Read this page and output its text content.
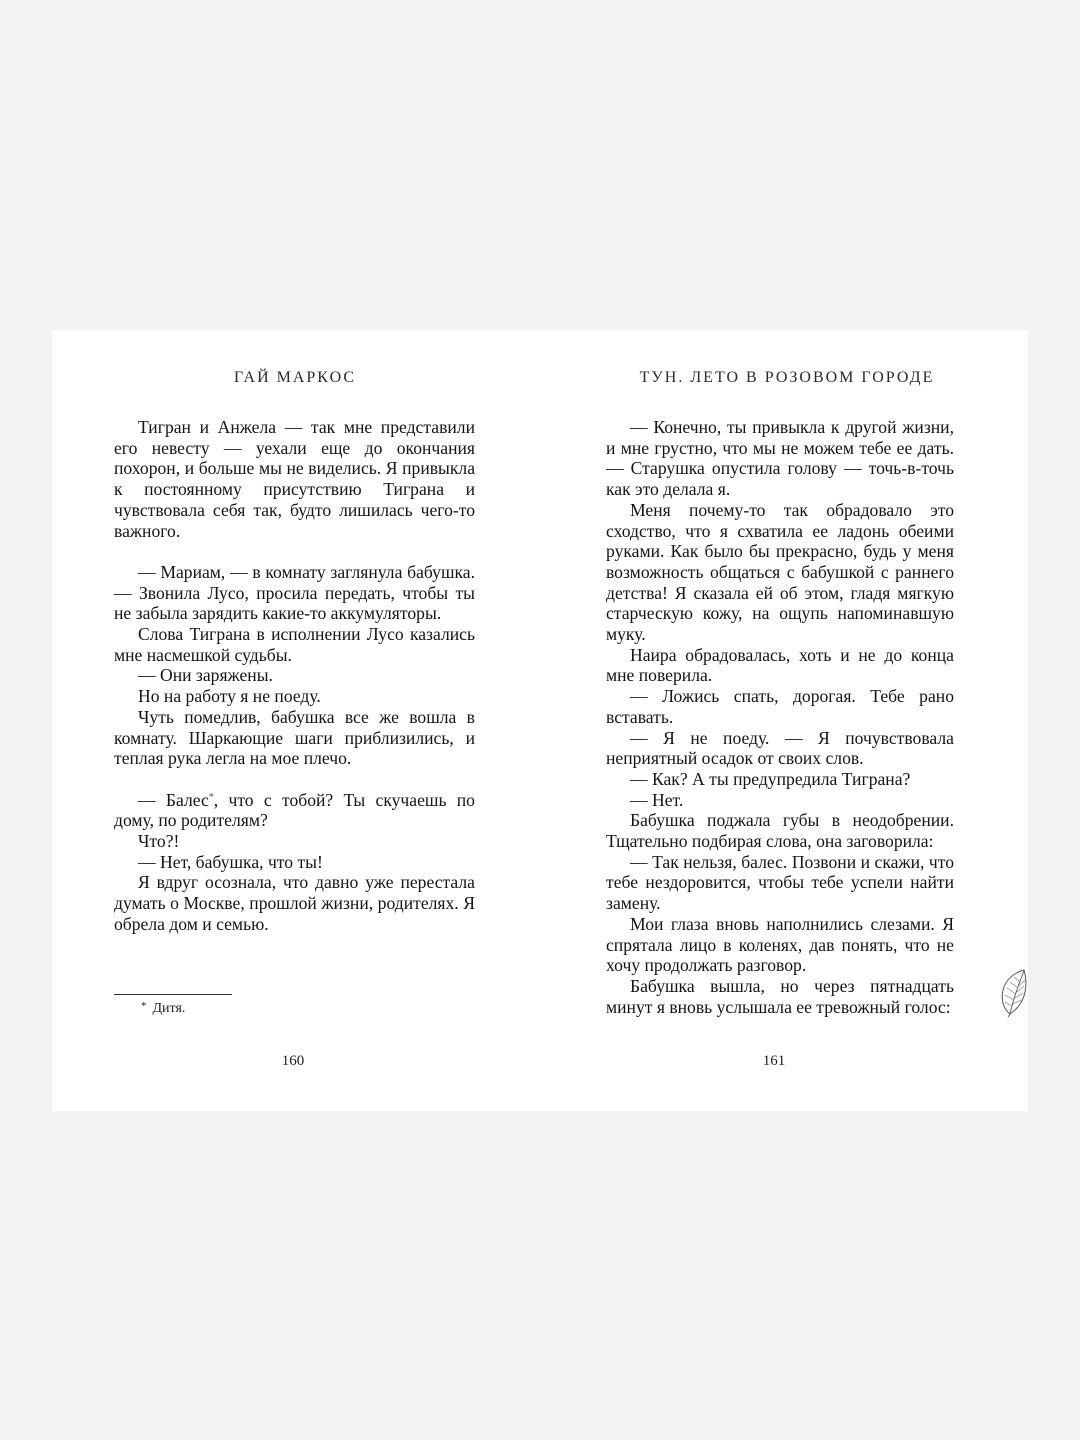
ГАЙ МАРКОС

Тигран и Анжела — так мне представили его невесту — уехали еще до окончания похорон, и больше мы не виделись. Я привыкла к постоянному присутствию Тиграна и чувствовала себя так, будто лишилась чего-то важного.

— Мариам, — в комнату заглянула бабушка. — Звонила Лусо, просила передать, чтобы ты не забыла зарядить какие-то аккумуляторы.

Слова Тиграна в исполнении Лусо казались мне насмешкой судьбы.

— Они заряжены.

Но на работу я не поеду.

Чуть помедлив, бабушка все же вошла в комнату. Шаркающие шаги приблизились, и теплая рука легла на мое плечо.

— Балес*, что с тобой? Ты скучаешь по дому, по родителям?

Что?!

— Нет, бабушка, что ты!

Я вдруг осознала, что давно уже перестала думать о Москве, прошлой жизни, родителях. Я обрела дом и семью.

* Дитя.
160
ТУН. ЛЕТО В РОЗОВОМ ГОРОДЕ

— Конечно, ты привыкла к другой жизни, и мне грустно, что мы не можем тебе ее дать. — Старушка опустила голову — точь-в-точь как это делала я.

Меня почему-то так обрадовало это сходство, что я схватила ее ладонь обеими руками. Как было бы прекрасно, будь у меня возможность общаться с бабушкой с раннего детства! Я сказала ей об этом, гладя мягкую старческую кожу, на ощупь напоминавшую муку.

Наира обрадовалась, хоть и не до конца мне поверила.

— Ложись спать, дорогая. Тебе рано вставать.

— Я не поеду. — Я почувствовала неприятный осадок от своих слов.

— Как? А ты предупредила Тиграна?

— Нет.

Бабушка поджала губы в неодобрении. Тщательно подбирая слова, она заговорила:

— Так нельзя, балес. Позвони и скажи, что тебе нездоровится, чтобы тебе успели найти замену.

Мои глаза вновь наполнились слезами. Я спрятала лицо в коленях, дав понять, что не хочу продолжать разговор.

Бабушка вышла, но через пятнадцать минут я вновь услышала ее тревожный голос:

161
